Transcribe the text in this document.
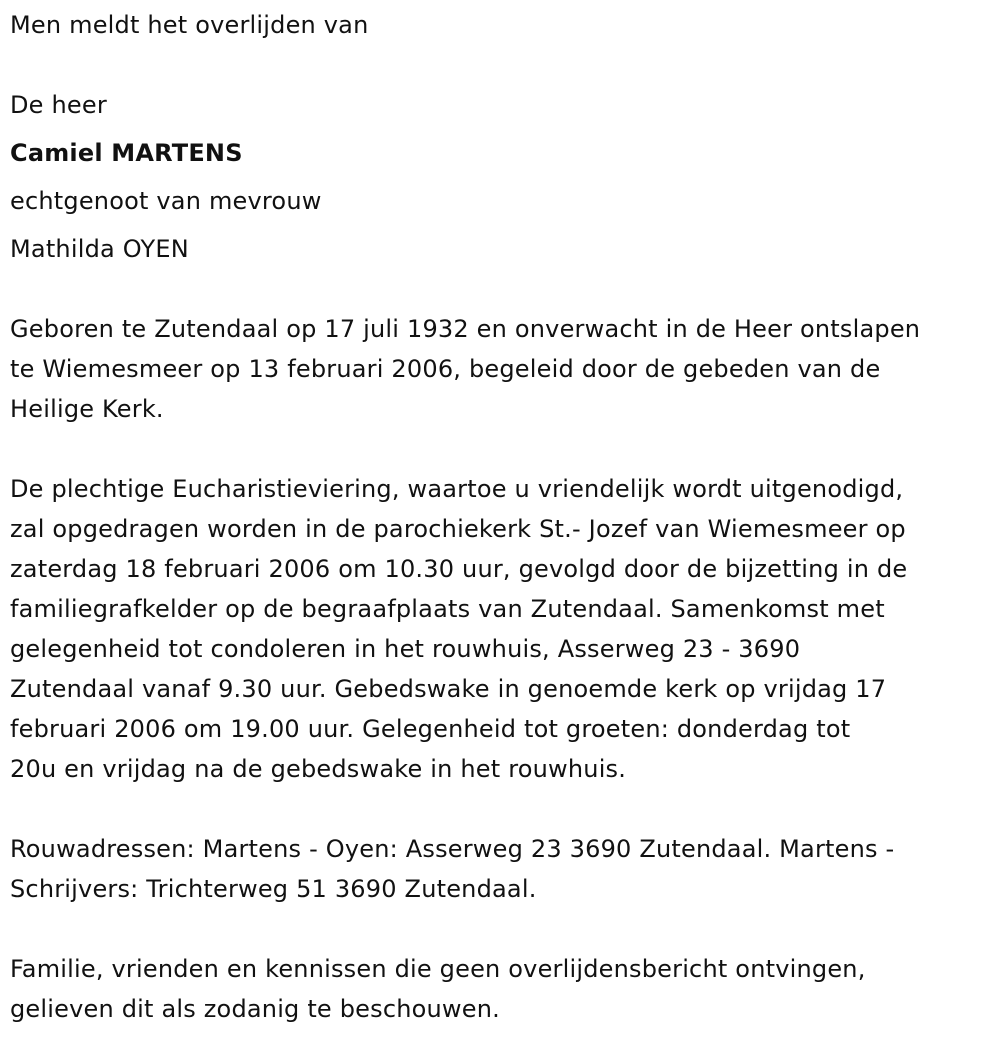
Men meldt het overlijden van
De heer
Camiel MARTENS
echtgenoot van mevrouw
Mathilda OYEN
Geboren te Zutendaal op 17 juli 1932 en onverwacht in de Heer ontslapen
te Wiemesmeer op 13 februari 2006, begeleid door de gebeden van de
Heilige Kerk.
De plechtige Eucharistieviering, waartoe u vriendelijk wordt uitgenodigd,
zal opgedragen worden in de parochiekerk St.- Jozef van Wiemesmeer op
zaterdag 18 februari 2006 om 10.30 uur, gevolgd door de bijzetting in de
familiegrafkelder op de begraafplaats van Zutendaal. Samenkomst met
gelegenheid tot condoleren in het rouwhuis, Asserweg 23 - 3690
Zutendaal vanaf 9.30 uur. Gebedswake in genoemde kerk op vrijdag 17
februari 2006 om 19.00 uur. Gelegenheid tot groeten: donderdag tot
20u en vrijdag na de gebedswake in het rouwhuis.
Rouwadressen: Martens - Oyen: Asserweg 23 3690 Zutendaal. Martens -
Schrijvers: Trichterweg 51 3690 Zutendaal.
Familie, vrienden en kennissen die geen overlijdensbericht ontvingen,
gelieven dit als zodanig te beschouwen.
